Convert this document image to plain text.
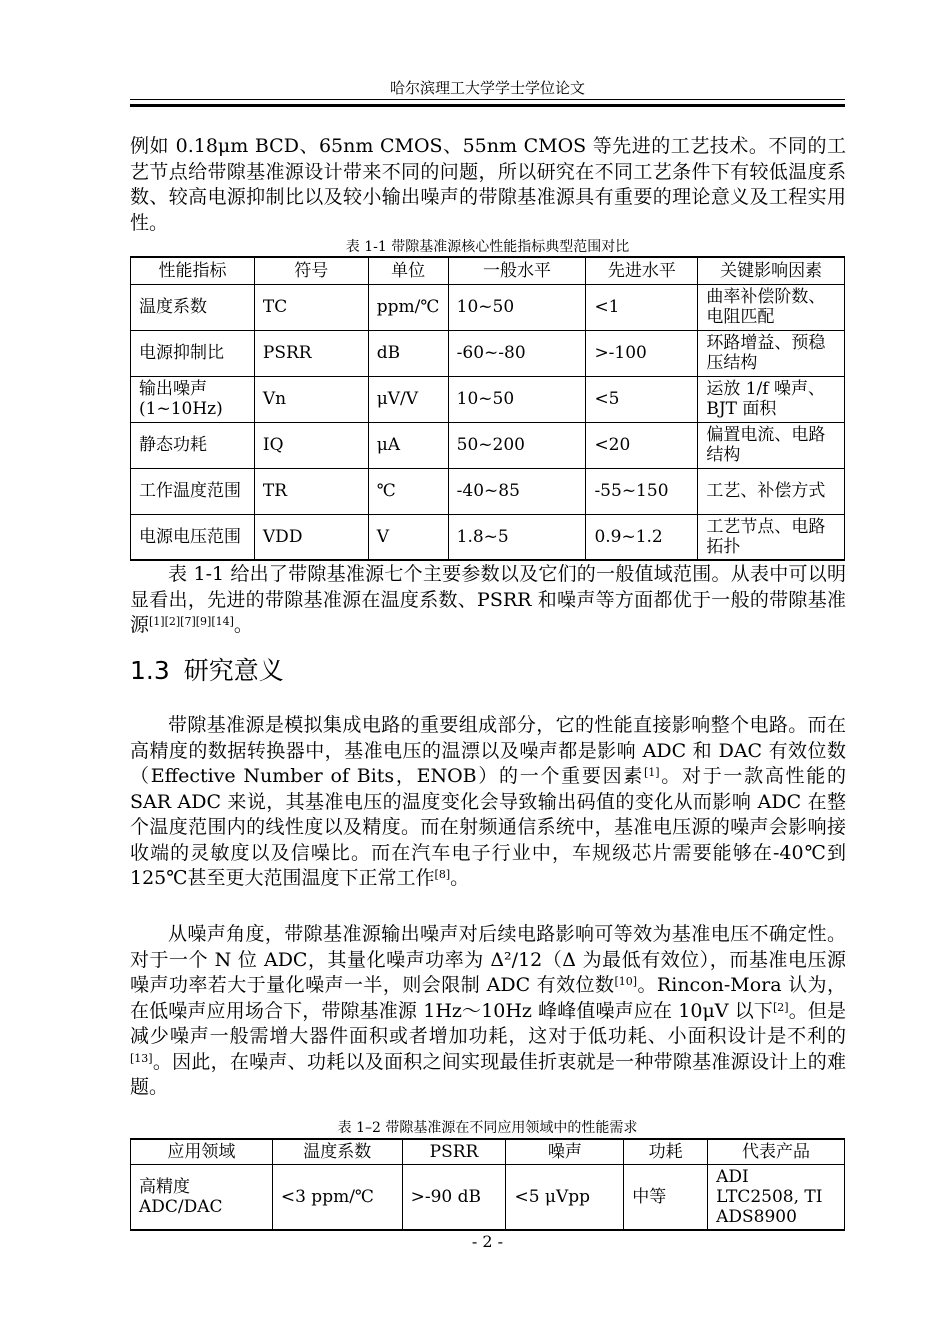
哈尔滨理工大学学士学位论文

例如 0.18μm BCD、65nm CMOS、55nm CMOS 等先进的工艺技术。不同的工艺节点给带隙基准源设计带来不同的问题，所以研究在不同工艺条件下有较低温度系数、较高电源抑制比以及较小输出噪声的带隙基准源具有重要的理论意义及工程实用性。

表 1-1 带隙基准源核心性能指标典型范围对比
性能指标	符号	单位	一般水平	先进水平	关键影响因素
温度系数	TC	ppm/℃	10~50	<1	曲率补偿阶数、电阻匹配
电源抑制比	PSRR	dB	-60~-80	>-100	环路增益、预稳压结构
输出噪声 (1~10Hz)	Vn	μV/V	10~50	<5	运放 1/f 噪声、BJT 面积
静态功耗	IQ	μA	50~200	<20	偏置电流、电路结构
工作温度范围	TR	℃	-40~85	-55~150	工艺、补偿方式
电源电压范围	VDD	V	1.8~5	0.9~1.2	工艺节点、电路拓扑

表 1-1 给出了带隙基准源七个主要参数以及它们的一般值域范围。从表中可以明显看出，先进的带隙基准源在温度系数、PSRR 和噪声等方面都优于一般的带隙基准源[1][2][7][9][14]。

1.3 研究意义

带隙基准源是模拟集成电路的重要组成部分，它的性能直接影响整个电路。而在高精度的数据转换器中，基准电压的温漂以及噪声都是影响 ADC 和 DAC 有效位数（Effective Number of Bits，ENOB）的一个重要因素[1]。对于一款高性能的 SAR ADC 来说，其基准电压的温度变化会导致输出码值的变化从而影响 ADC 在整个温度范围内的线性度以及精度。而在射频通信系统中，基准电压源的噪声会影响接收端的灵敏度以及信噪比。而在汽车电子行业中，车规级芯片需要能够在-40℃到 125℃甚至更大范围温度下正常工作[8]。

从噪声角度，带隙基准源输出噪声对后续电路影响可等效为基准电压不确定性。对于一个 N 位 ADC，其量化噪声功率为 Δ²/12（Δ 为最低有效位），而基准电压源噪声功率若大于量化噪声一半，则会限制 ADC 有效位数[10]。Rincon-Mora 认为，在低噪声应用场合下，带隙基准源 1Hz～10Hz 峰峰值噪声应在 10μV 以下[2]。但是减少噪声一般需增大器件面积或者增加功耗，这对于低功耗、小面积设计是不利的[13]。因此，在噪声、功耗以及面积之间实现最佳折衷就是一种带隙基准源设计上的难题。

表 1–2 带隙基准源在不同应用领域中的性能需求
应用领域	温度系数	PSRR	噪声	功耗	代表产品
高精度 ADC/DAC	<3 ppm/℃	>-90 dB	<5 μVpp	中等	ADI LTC2508, TI ADS8900
- 2 -
